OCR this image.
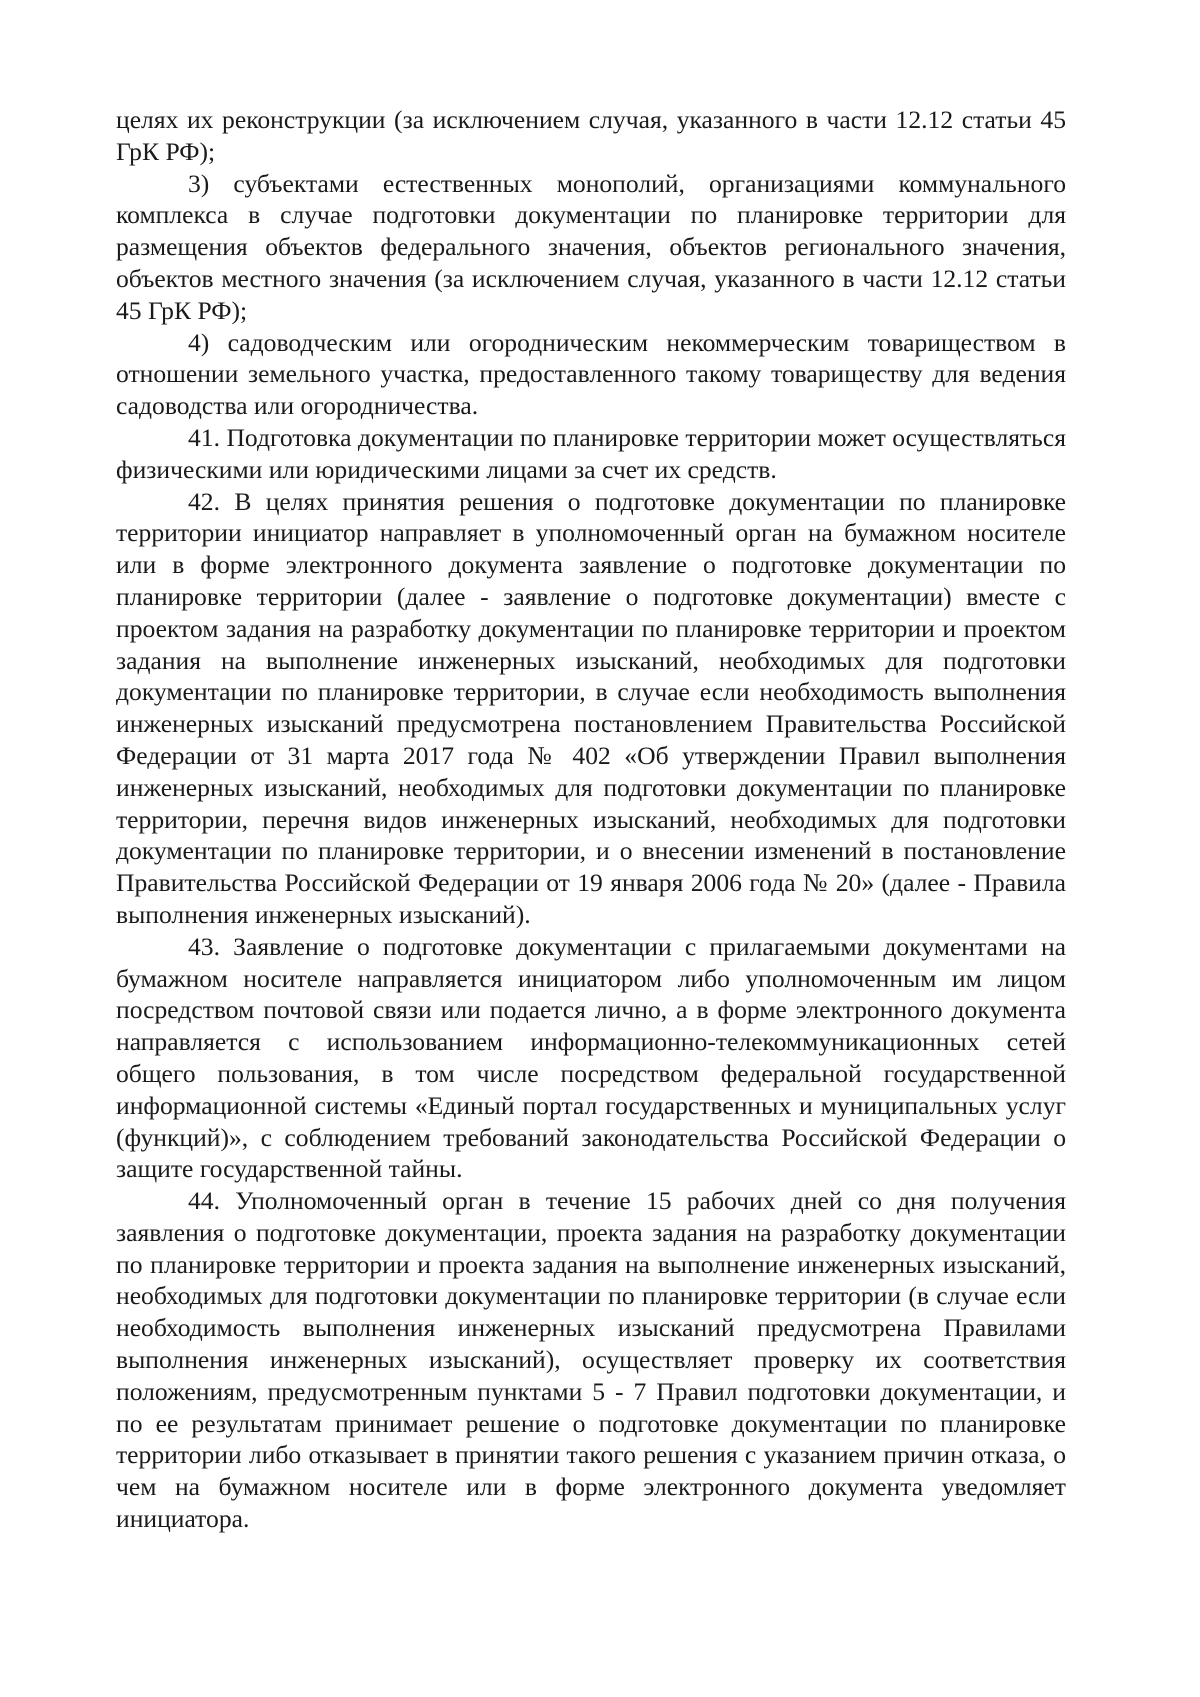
целях их реконструкции (за исключением случая, указанного в части 12.12 статьи 45 ГрК РФ);

3) субъектами естественных монополий, организациями коммунального комплекса в случае подготовки документации по планировке территории для размещения объектов федерального значения, объектов регионального значения, объектов местного значения (за исключением случая, указанного в части 12.12 статьи 45 ГрК РФ);

4) садоводческим или огородническим некоммерческим товариществом в отношении земельного участка, предоставленного такому товариществу для ведения садоводства или огородничества.

41. Подготовка документации по планировке территории может осуществляться физическими или юридическими лицами за счет их средств.

42. В целях принятия решения о подготовке документации по планировке территории инициатор направляет в уполномоченный орган на бумажном носителе или в форме электронного документа заявление о подготовке документации по планировке территории (далее - заявление о подготовке документации) вместе с проектом задания на разработку документации по планировке территории и проектом задания на выполнение инженерных изысканий, необходимых для подготовки документации по планировке территории, в случае если необходимость выполнения инженерных изысканий предусмотрена постановлением Правительства Российской Федерации от 31 марта 2017 года № 402 «Об утверждении Правил выполнения инженерных изысканий, необходимых для подготовки документации по планировке территории, перечня видов инженерных изысканий, необходимых для подготовки документации по планировке территории, и о внесении изменений в постановление Правительства Российской Федерации от 19 января 2006 года № 20» (далее - Правила выполнения инженерных изысканий).

43. Заявление о подготовке документации с прилагаемыми документами на бумажном носителе направляется инициатором либо уполномоченным им лицом посредством почтовой связи или подается лично, а в форме электронного документа направляется с использованием информационно-телекоммуникационных сетей общего пользования, в том числе посредством федеральной государственной информационной системы «Единый портал государственных и муниципальных услуг (функций)», с соблюдением требований законодательства Российской Федерации о защите государственной тайны.

44. Уполномоченный орган в течение 15 рабочих дней со дня получения заявления о подготовке документации, проекта задания на разработку документации по планировке территории и проекта задания на выполнение инженерных изысканий, необходимых для подготовки документации по планировке территории (в случае если необходимость выполнения инженерных изысканий предусмотрена Правилами выполнения инженерных изысканий), осуществляет проверку их соответствия положениям, предусмотренным пунктами 5 - 7 Правил подготовки документации, и по ее результатам принимает решение о подготовке документации по планировке территории либо отказывает в принятии такого решения с указанием причин отказа, о чем на бумажном носителе или в форме электронного документа уведомляет инициатора.
